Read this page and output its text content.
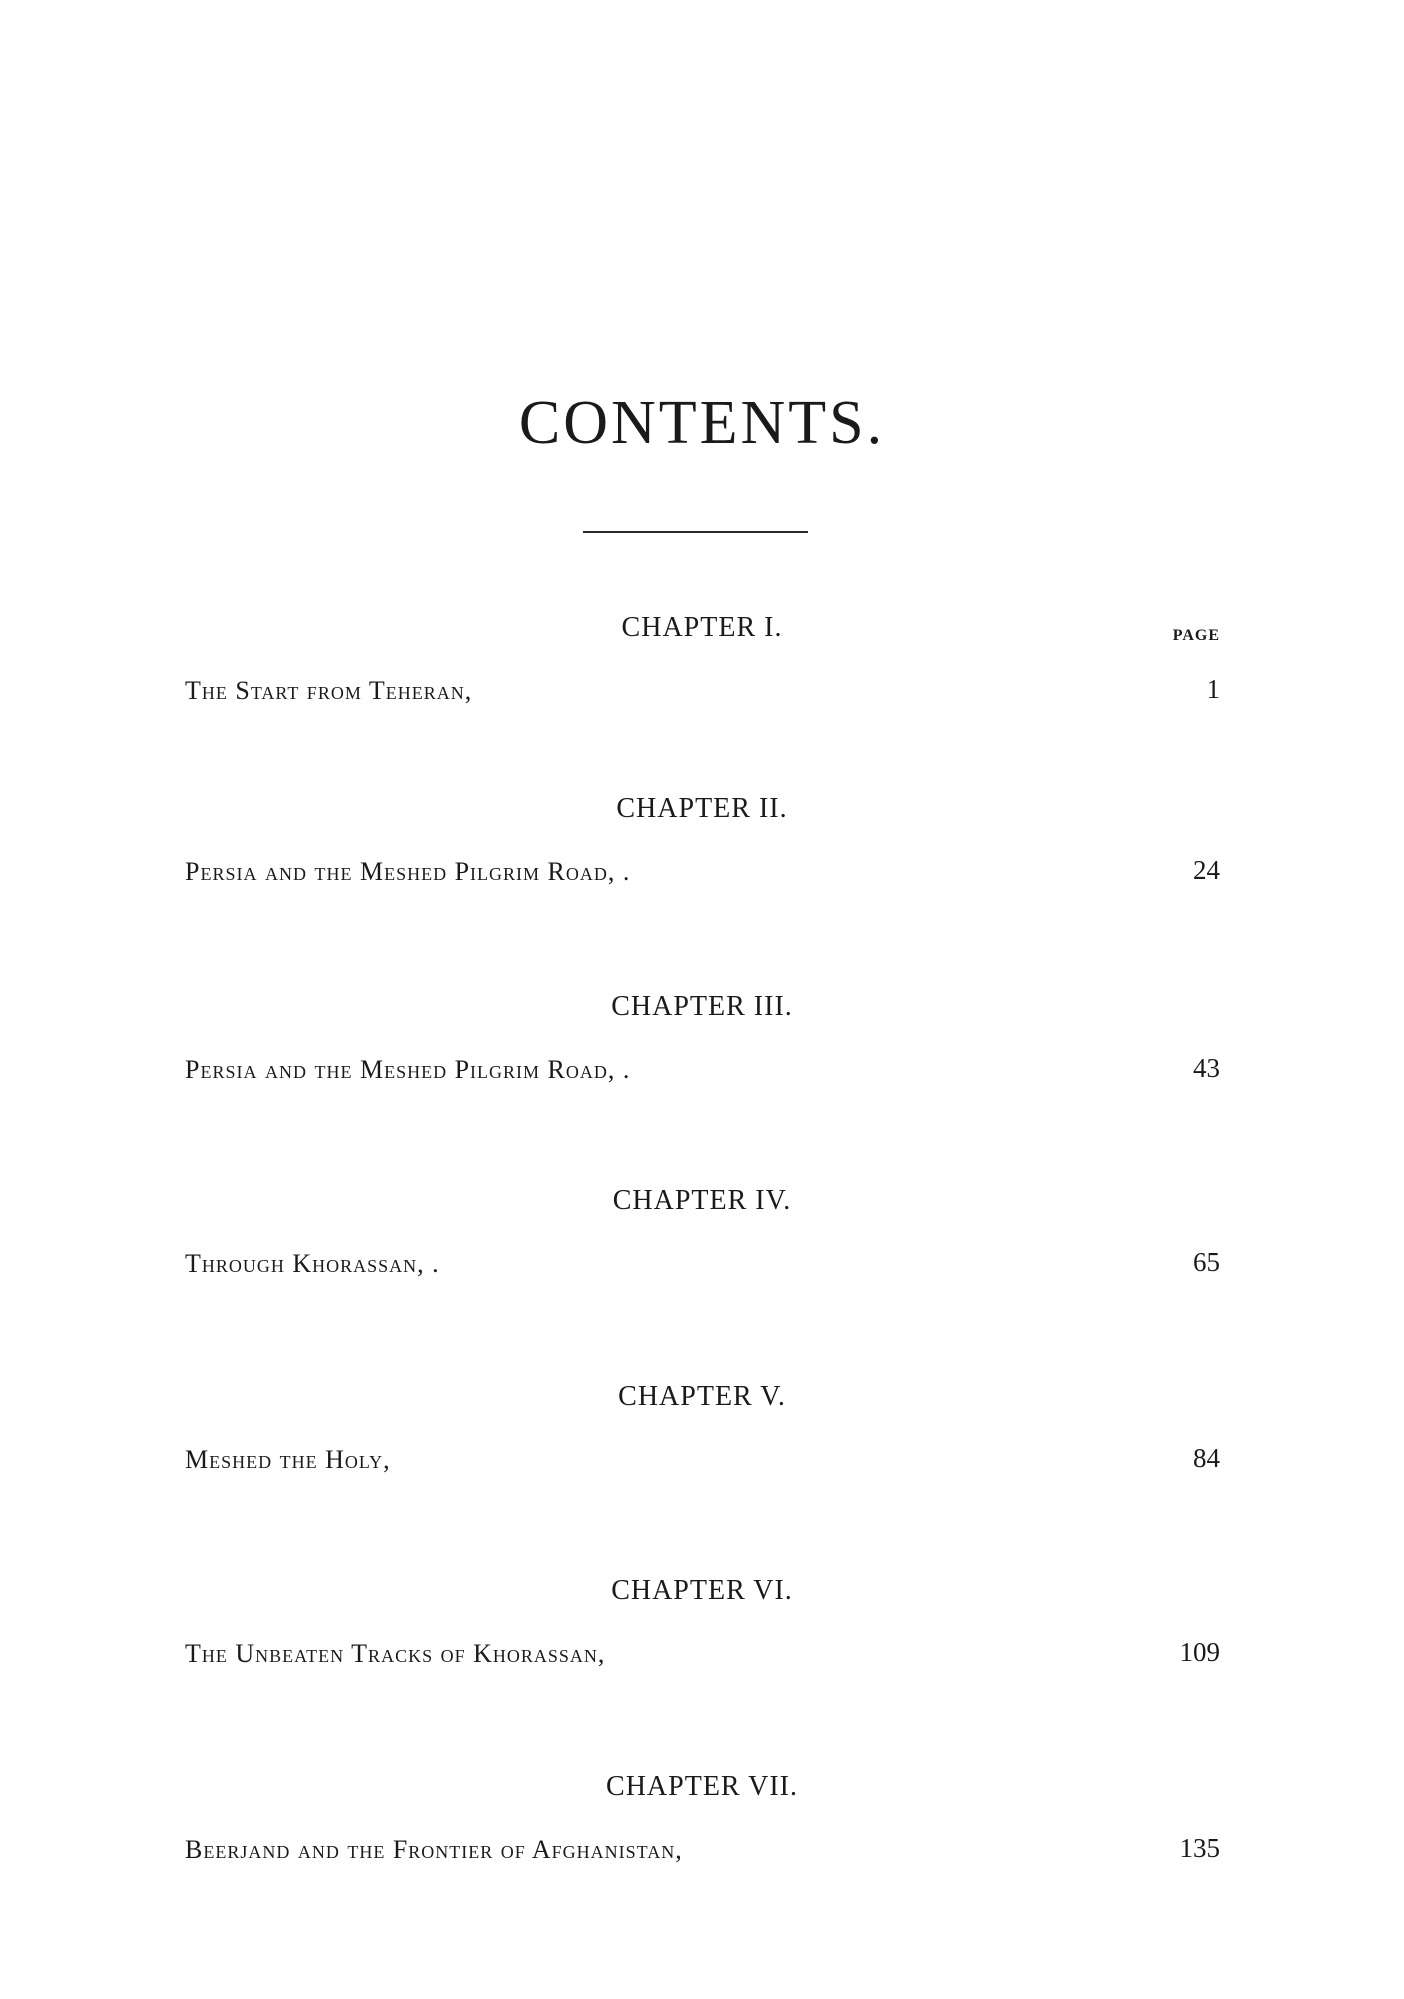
CONTENTS.
PAGE
CHAPTER I.
The Start from Teheran,	1
CHAPTER II.
Persia and the Meshed Pilgrim Road, .	24
CHAPTER III.
Persia and the Meshed Pilgrim Road, .	43
CHAPTER IV.
Through Khorassan, .	65
CHAPTER V.
Meshed the Holy,	84
CHAPTER VI.
The Unbeaten Tracks of Khorassan,	109
CHAPTER VII.
Beerjand and the Frontier of Afghanistan,	135
